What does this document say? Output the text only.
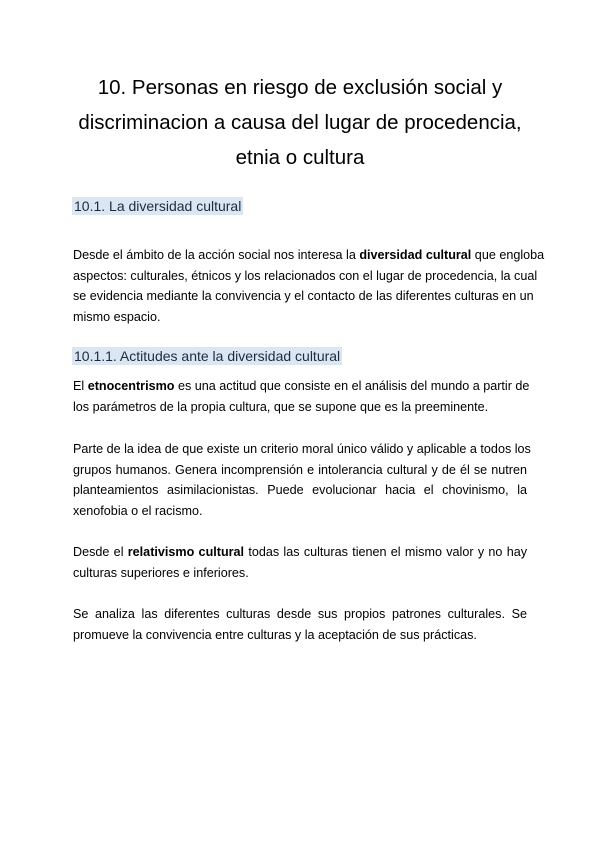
10. Personas en riesgo de exclusión social y
discriminacion a causa del lugar de procedencia,
etnia o cultura
10.1. La diversidad cultural

Desde el ámbito de la acción social nos interesa la diversidad cultural que engloba
aspectos: culturales, étnicos y los relacionados con el lugar de procedencia, la cual
se evidencia mediante la convivencia y el contacto de las diferentes culturas en un
mismo espacio.

10.1.1. Actitudes ante la diversidad cultural

El etnocentrismo es una actitud que consiste en el análisis del mundo a partir de
los parámetros de la propia cultura, que se supone que es la preeminente.

Parte de la idea de que existe un criterio moral único válido y aplicable a todos los
grupos humanos. Genera incomprensión e intolerancia cultural y de él se nutren
planteamientos asimilacionistas. Puede evolucionar hacia el chovinismo, la
xenofobia o el racismo.

Desde el relativismo cultural todas las culturas tienen el mismo valor y no hay
culturas superiores e inferiores.

Se analiza las diferentes culturas desde sus propios patrones culturales. Se
promueve la convivencia entre culturas y la aceptación de sus prácticas.
